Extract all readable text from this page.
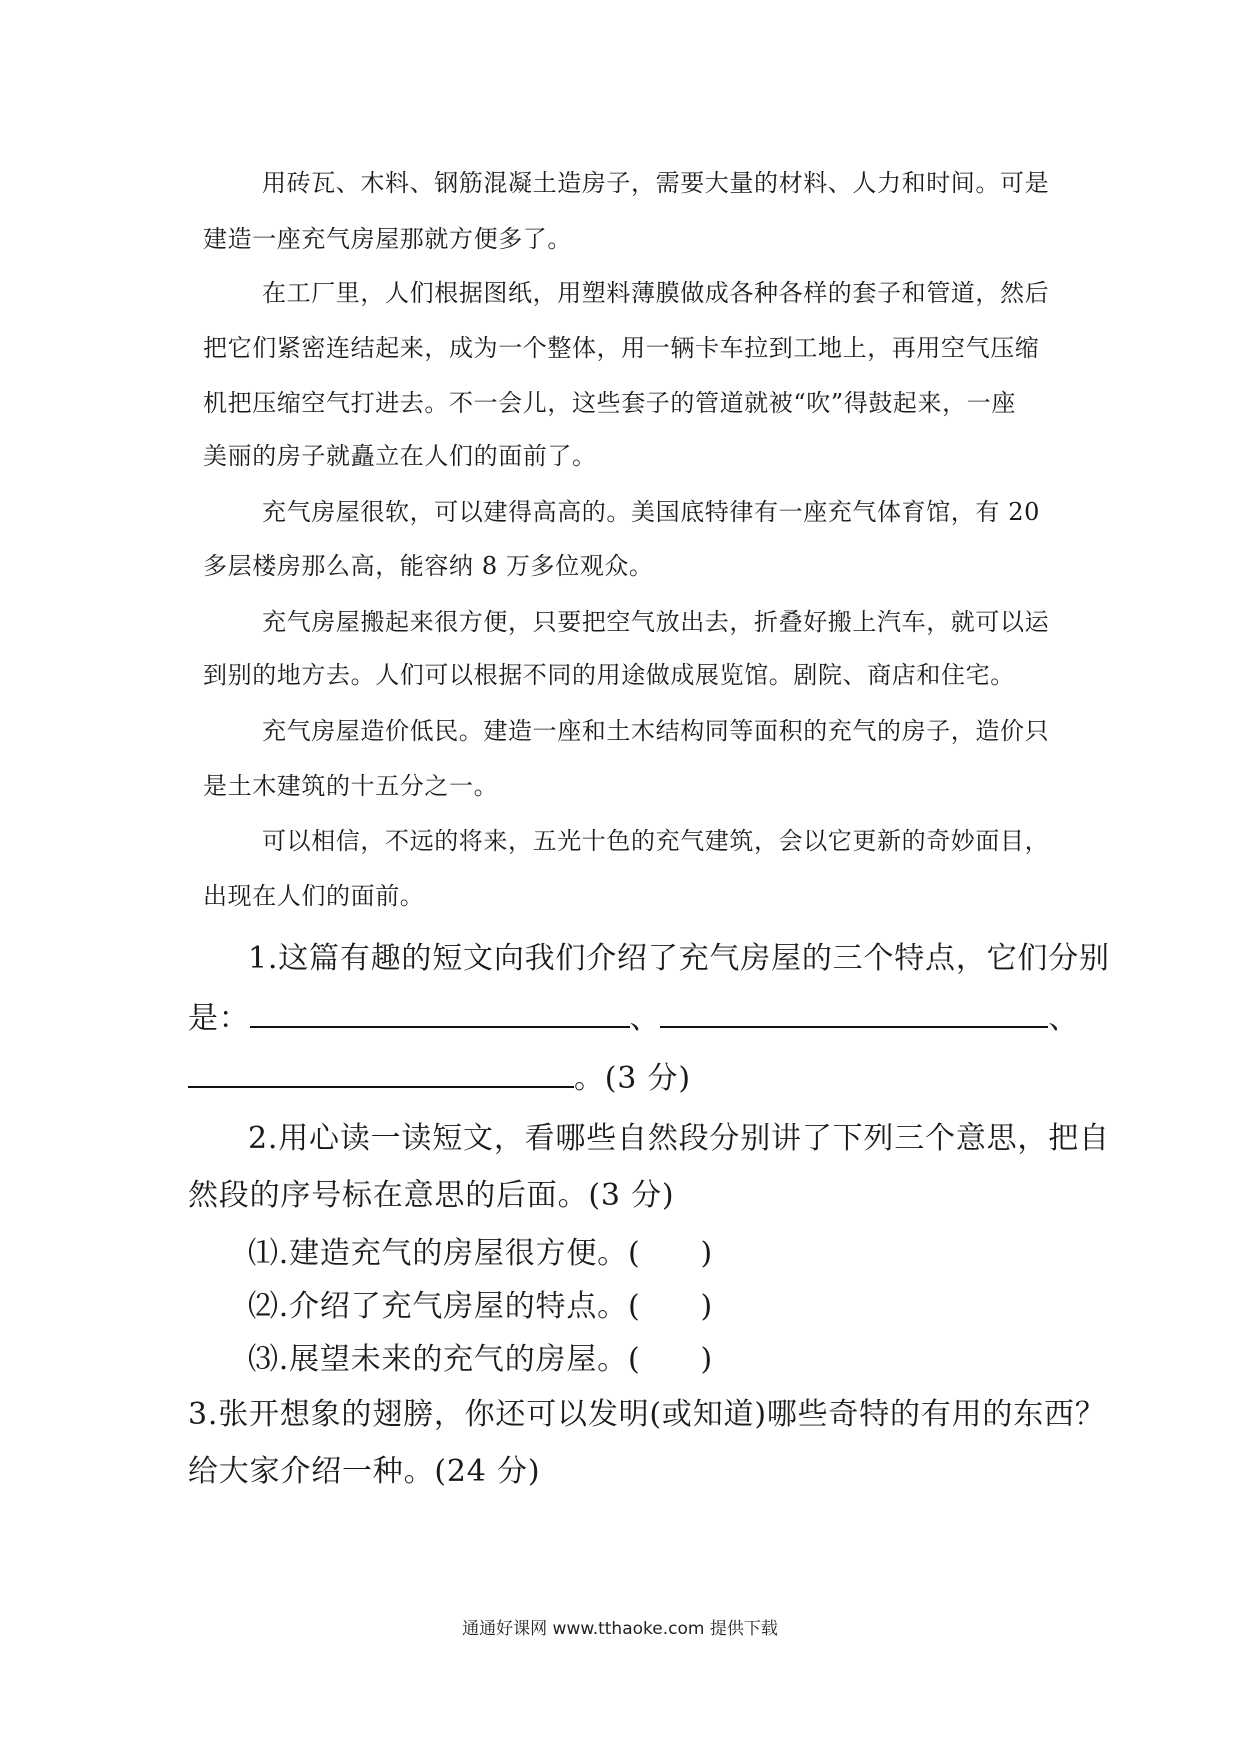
用砖瓦、木料、钢筋混凝土造房子，需要大量的材料、人力和时间。可是
建造一座充气房屋那就方便多了。
在工厂里，人们根据图纸，用塑料薄膜做成各种各样的套子和管道，然后
把它们紧密连结起来，成为一个整体，用一辆卡车拉到工地上，再用空气压缩
机把压缩空气打进去。不一会儿，这些套子的管道就被“吹”得鼓起来，一座
美丽的房子就矗立在人们的面前了。
充气房屋很软，可以建得高高的。美国底特律有一座充气体育馆，有 20
多层楼房那么高，能容纳 8 万多位观众。
充气房屋搬起来很方便，只要把空气放出去，折叠好搬上汽车，就可以运
到别的地方去。人们可以根据不同的用途做成展览馆。剧院、商店和住宅。
充气房屋造价低民。建造一座和土木结构同等面积的充气的房子，造价只
是土木建筑的十五分之一。
可以相信，不远的将来，五光十色的充气建筑，会以它更新的奇妙面目，
出现在人们的面前。
1.这篇有趣的短文向我们介绍了充气房屋的三个特点，它们分别
是：	、	、
。(3 分)
2.用心读一读短文，看哪些自然段分别讲了下列三个意思，把自
然段的序号标在意思的后面。(3 分)
⑴.建造充气的房屋很方便。( )
⑵.介绍了充气房屋的特点。( )
⑶.展望未来的充气的房屋。( )
3.张开想象的翅膀，你还可以发明(或知道)哪些奇特的有用的东西？
给大家介绍一种。(24 分)
通通好课网 www.tthaoke.com 提供下载
